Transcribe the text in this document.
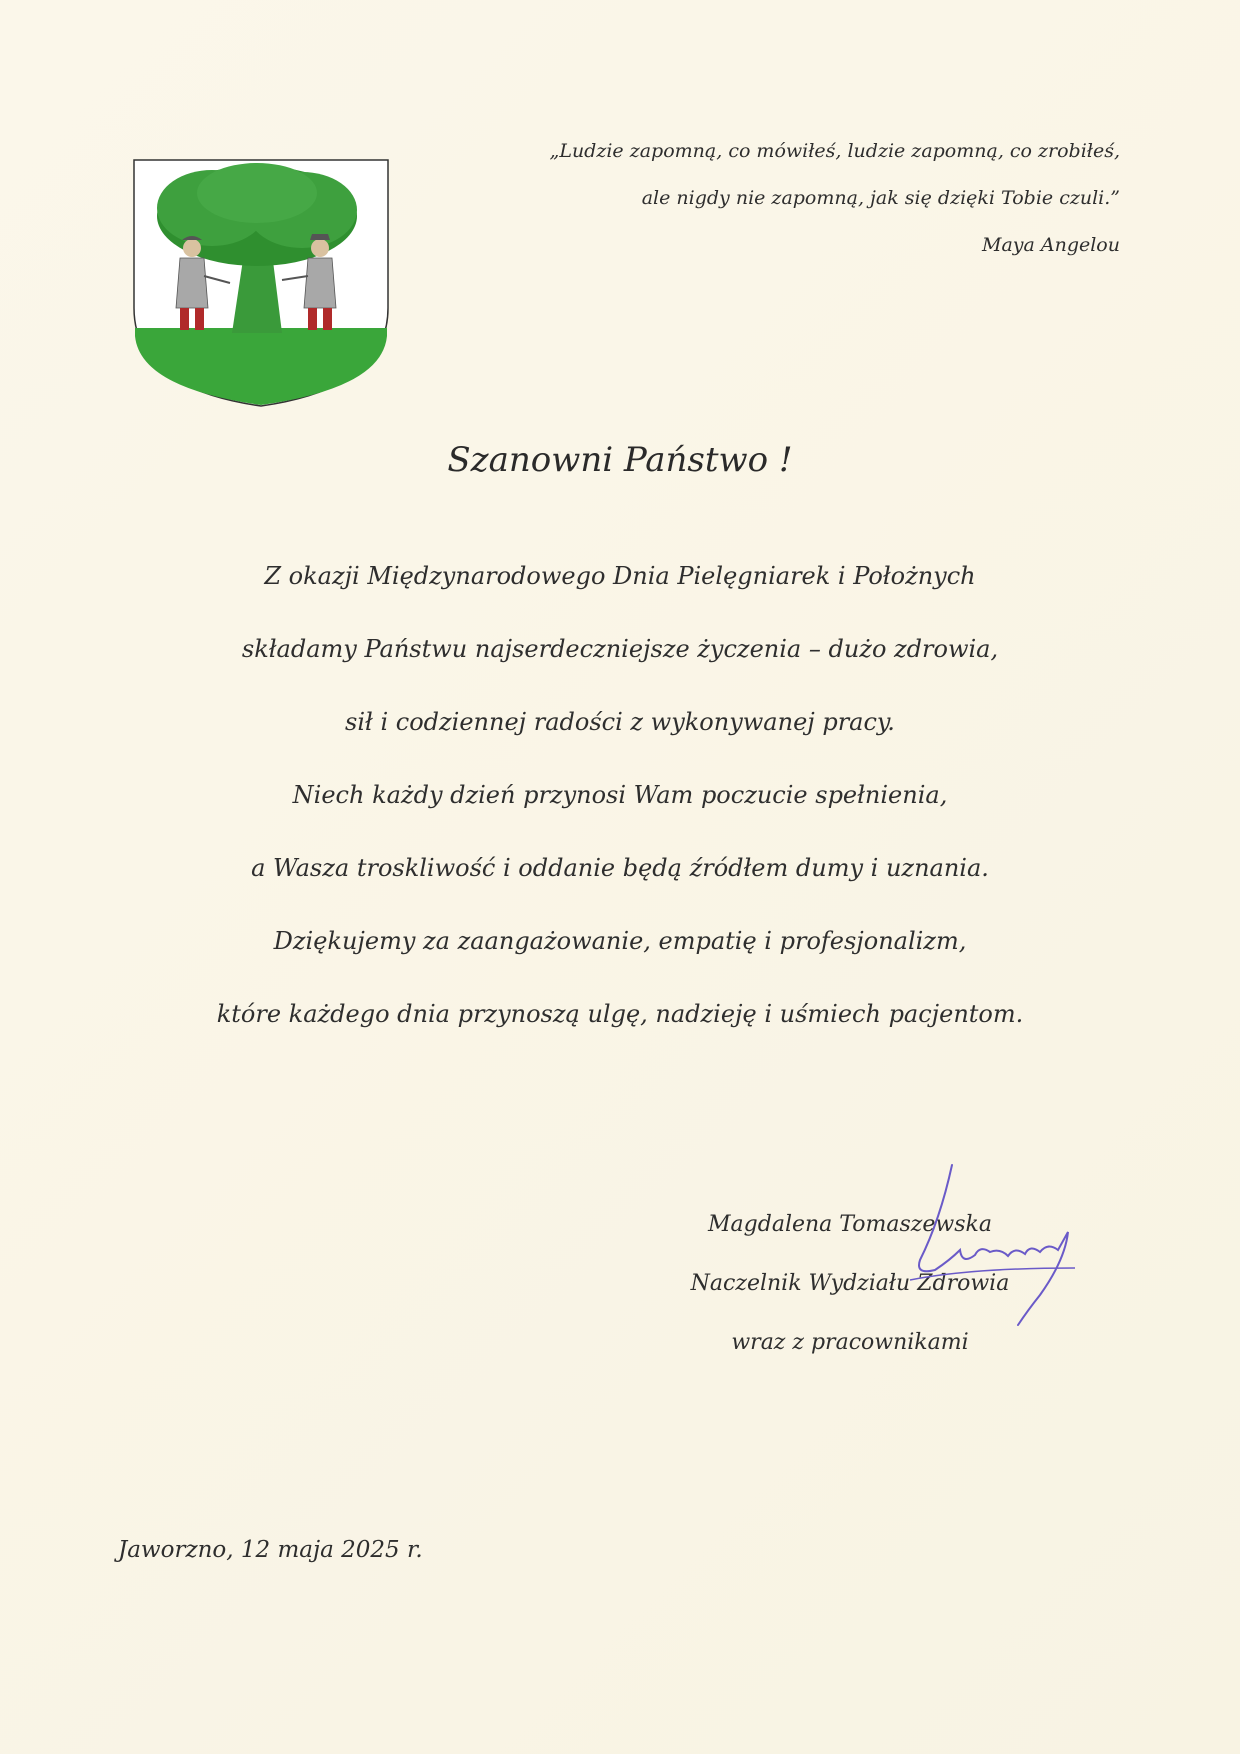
„Ludzie zapomną, co mówiłeś, ludzie zapomną, co zrobiłeś,
ale nigdy nie zapomną, jak się dzięki Tobie czuli.”
Maya Angelou
Szanowni Państwo !
Z okazji Międzynarodowego Dnia Pielęgniarek i Położnych
składamy Państwu najserdeczniejsze życzenia – dużo zdrowia,
sił i codziennej radości z wykonywanej pracy.
Niech każdy dzień przynosi Wam poczucie spełnienia,
a Wasza troskliwość i oddanie będą źródłem dumy i uznania.
Dziękujemy za zaangażowanie, empatię i profesjonalizm,
które każdego dnia przynoszą ulgę, nadzieję i uśmiech pacjentom.
Magdalena Tomaszewska
Naczelnik Wydziału Zdrowia
wraz z pracownikami
Jaworzno, 12 maja 2025 r.
